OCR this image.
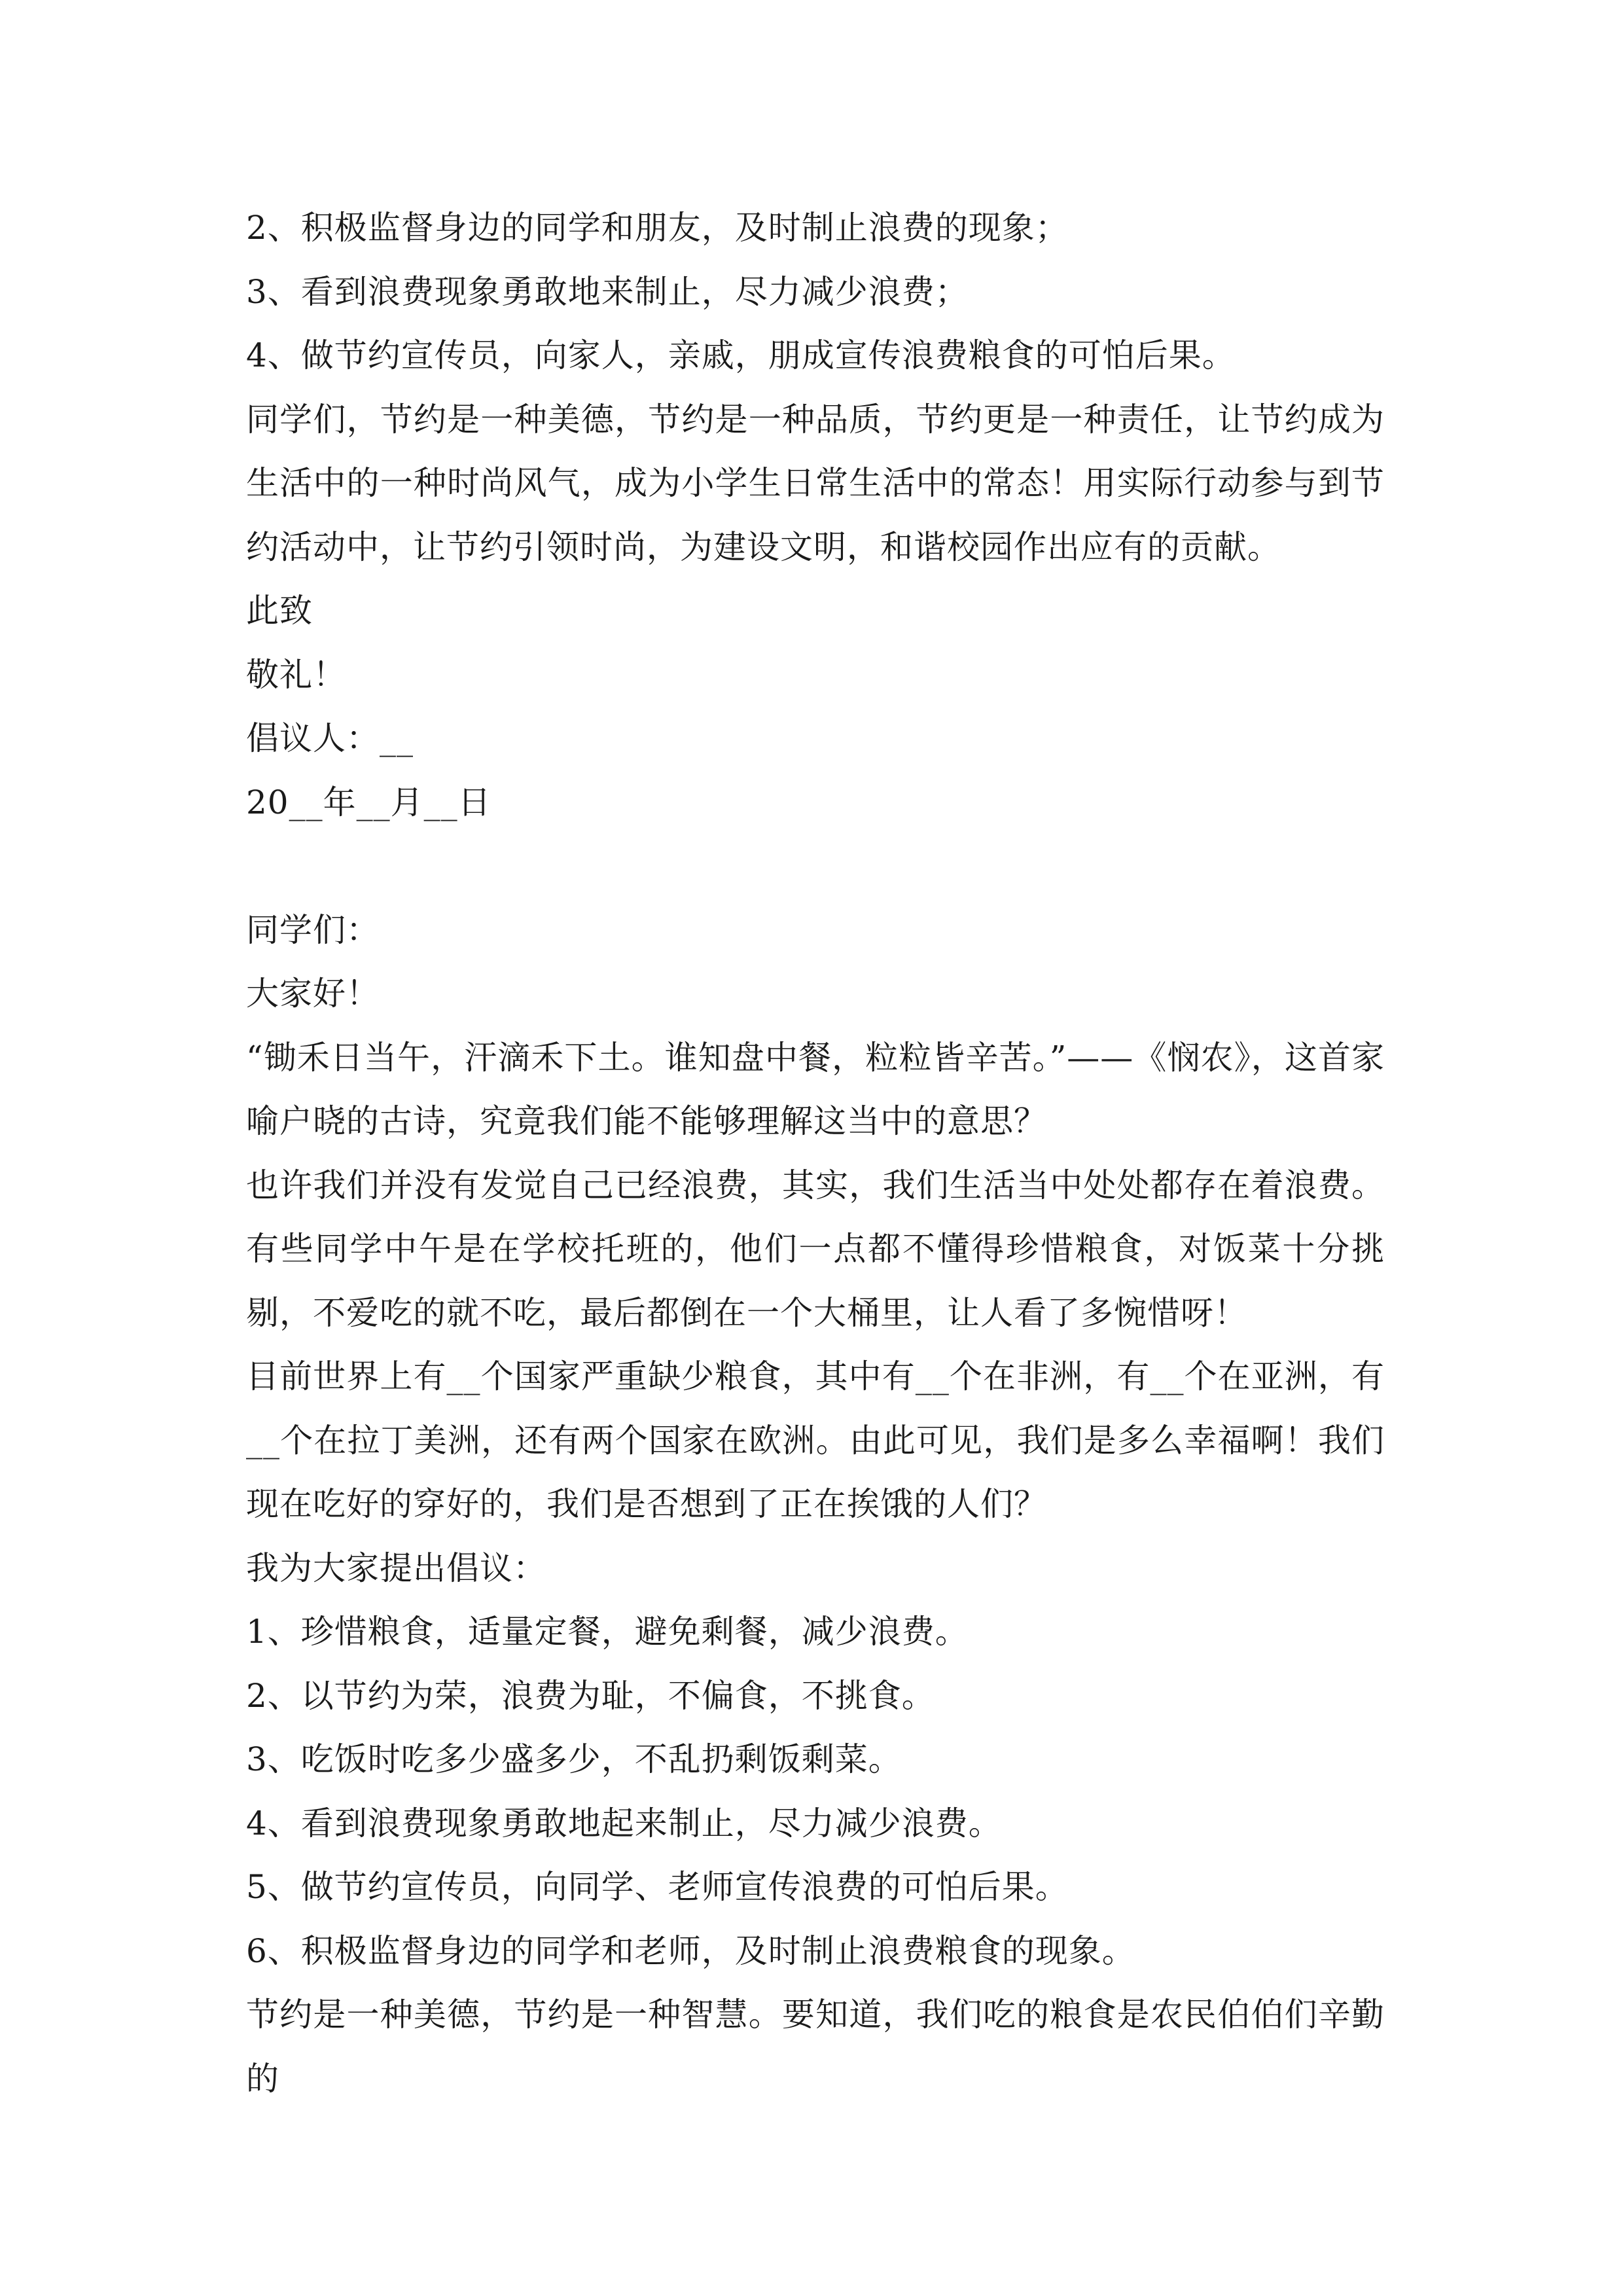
2、积极监督身边的同学和朋友，及时制止浪费的现象；

3、看到浪费现象勇敢地来制止，尽力减少浪费；

4、做节约宣传员，向家人，亲戚，朋成宣传浪费粮食的可怕后果。

同学们，节约是一种美德，节约是一种品质，节约更是一种责任，让节约成为生活中的一种时尚风气，成为小学生日常生活中的常态！用实际行动参与到节约活动中，让节约引领时尚，为建设文明，和谐校园作出应有的贡献。

此致

敬礼！

倡议人：__

20__年__月__日

同学们：

大家好！

“锄禾日当午，汗滴禾下土。谁知盘中餐，粒粒皆辛苦。”——《悯农》，这首家喻户晓的古诗，究竟我们能不能够理解这当中的意思？

也许我们并没有发觉自己已经浪费，其实，我们生活当中处处都存在着浪费。有些同学中午是在学校托班的，他们一点都不懂得珍惜粮食，对饭菜十分挑剔，不爱吃的就不吃，最后都倒在一个大桶里，让人看了多惋惜呀！

目前世界上有__个国家严重缺少粮食，其中有__个在非洲，有__个在亚洲，有__个在拉丁美洲，还有两个国家在欧洲。由此可见，我们是多么幸福啊！我们现在吃好的穿好的，我们是否想到了正在挨饿的人们？

我为大家提出倡议：

1、珍惜粮食，适量定餐，避免剩餐，减少浪费。

2、以节约为荣，浪费为耻，不偏食，不挑食。

3、吃饭时吃多少盛多少，不乱扔剩饭剩菜。

4、看到浪费现象勇敢地起来制止，尽力减少浪费。

5、做节约宣传员，向同学、老师宣传浪费的可怕后果。

6、积极监督身边的同学和老师，及时制止浪费粮食的现象。

节约是一种美德，节约是一种智慧。要知道，我们吃的粮食是农民伯伯们辛勤的
